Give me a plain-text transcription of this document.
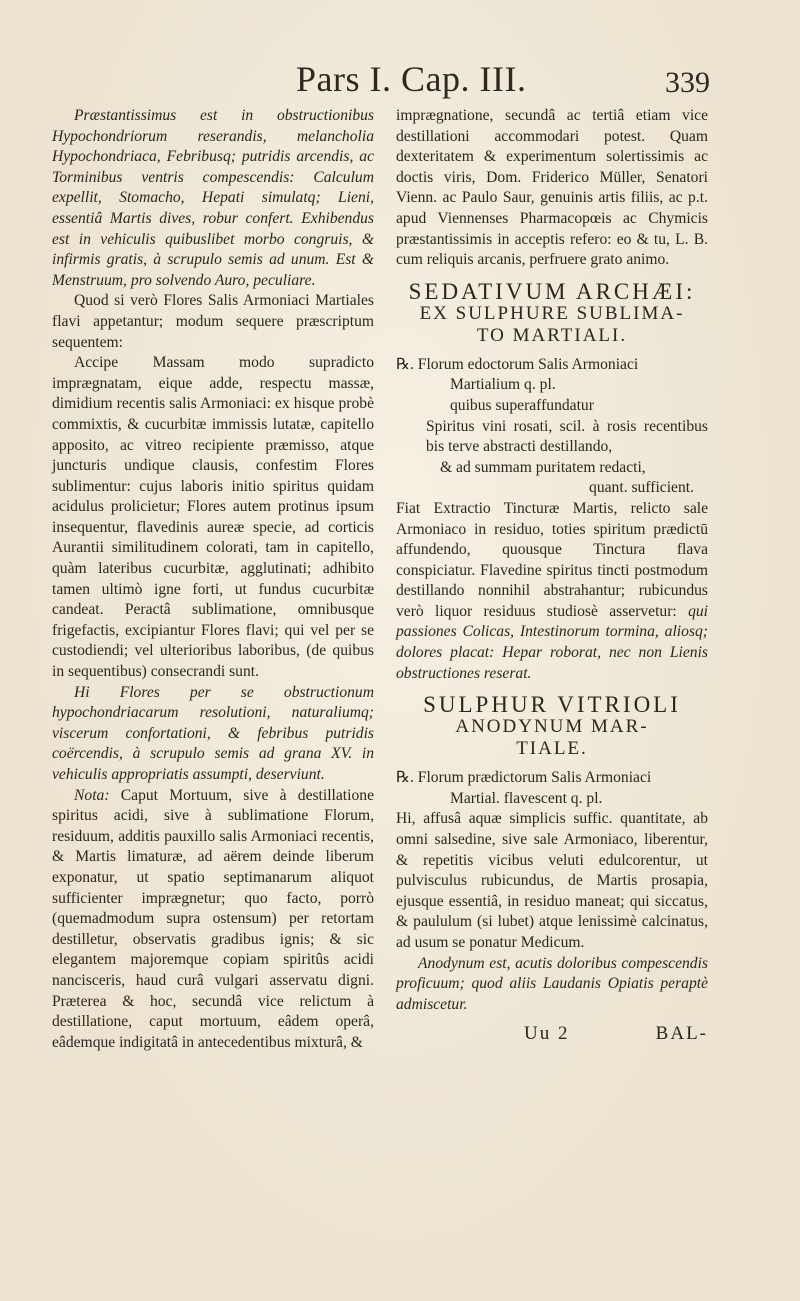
Pars I. Cap. III.	339

Præstantissimus est in obstructionibus Hypochondriorum reserandis, melancholia Hypochondriaca, Febribusq; putridis arcendis, ac Torminibus ventris compescendis: Calculum expellit, Stomacho, Hepati simulatq; Lieni, essentiâ Martis dives, robur confert. Exhibendus est in vehiculis quibuslibet morbo congruis, & infirmis gratis, à scrupulo semis ad unum. Est & Menstruum, pro solvendo Auro, peculiare.

Quod si verò Flores Salis Armoniaci Martiales flavi appetantur; modum sequere præscriptum sequentem:

Accipe Massam modo supradicto imprægnatam, eique adde, respectu massæ, dimidium recentis salis Armoniaci: ex hisque probè commixtis, & cucurbitæ immissis lutatæ, capitello apposito, ac vitreo recipiente præmisso, atque juncturis undique clausis, confestim Flores sublimentur: cujus laboris initio spiritus quidam acidulus prolicietur; Flores autem protinus ipsum insequentur, flavedinis aureæ specie, ad corticis Aurantii similitudinem colorati, tam in capitello, quàm lateribus cucurbitæ, agglutinati; adhibito tamen ultimò igne forti, ut fundus cucurbitæ candeat. Peractâ sublimatione, omnibusque frigefactis, excipiantur Flores flavi; qui vel per se custodiendi; vel ulterioribus laboribus, (de quibus in sequentibus) consecrandi sunt.

Hi Flores per se obstructionum hypochondriacarum resolutioni, naturaliumq; viscerum confortationi, & febribus putridis coërcendis, à scrupulo semis ad grana XV. in vehiculis appropriatis assumpti, deserviunt.

Nota: Caput Mortuum, sive à destillatione spiritus acidi, sive à sublimatione Florum, residuum, additis pauxillo salis Armoniaci recentis, & Martis limaturæ, ad aërem deinde liberum exponatur, ut spatio septimanarum aliquot sufficienter imprægnetur; quo facto, porrò (quemadmodum supra ostensum) per retortam destilletur, observatis gradibus ignis; & sic elegantem majoremque copiam spiritûs acidi nancisceris, haud curâ vulgari asservatu digni. Præterea & hoc, secundâ vice relictum à destillatione, caput mortuum, eâdem operâ, eâdemque indigitatâ in antecedentibus mixturâ, &

imprægnatione, secundâ ac tertiâ etiam vice destillationi accommodari potest. Quam dexteritatem & experimentum solertissimis ac doctis viris, Dom. Friderico Müller, Senatori Vienn. ac Paulo Saur, genuinis artis filiis, ac p.t. apud Viennenses Pharmacopœis ac Chymicis præstantissimis in acceptis refero: eo & tu, L. B. cum reliquis arcanis, perfruere grato animo.

SEDATIVUM ARCHÆI:
EX SULPHURE SUBLIMA-
TO MARTIALI.

℞. Florum edoctorum Salis Armoniaci

Martialium q. pl.

quibus superaffundatur

Spiritus vini rosati, scil. à rosis recentibus bis terve abstracti destillando,

& ad summam puritatem redacti,

quant. sufficient.

Fiat Extractio Tincturæ Martis, relicto sale Armoniaco in residuo, toties spiritum prædictū affundendo, quousque Tinctura flava conspiciatur. Flavedine spiritus tincti postmodum destillando nonnihil abstrahantur; rubicundus verò liquor residuus studiosè asservetur: qui passiones Colicas, Intestinorum tormina, aliosq; dolores placat: Hepar roborat, nec non Lienis obstructiones reserat.

SULPHUR VITRIOLI
ANODYNUM MAR-
TIALE.

℞. Florum prædictorum Salis Armoniaci

Martial. flavescent q. pl.

Hi, affusâ aquæ simplicis suffic. quantitate, ab omni salsedine, sive sale Armoniaco, liberentur, & repetitis vicibus veluti edulcorentur, ut pulvisculus rubicundus, de Martis prosapia, ejusque essentiâ, in residuo maneat; qui siccatus, & paululum (si lubet) atque lenissimè calcinatus, ad usum se ponatur Medicum.

Anodynum est, acutis doloribus compescendis proficuum; quod aliis Laudanis Opiatis peraptè admiscetur.

Uu 2	BAL-
